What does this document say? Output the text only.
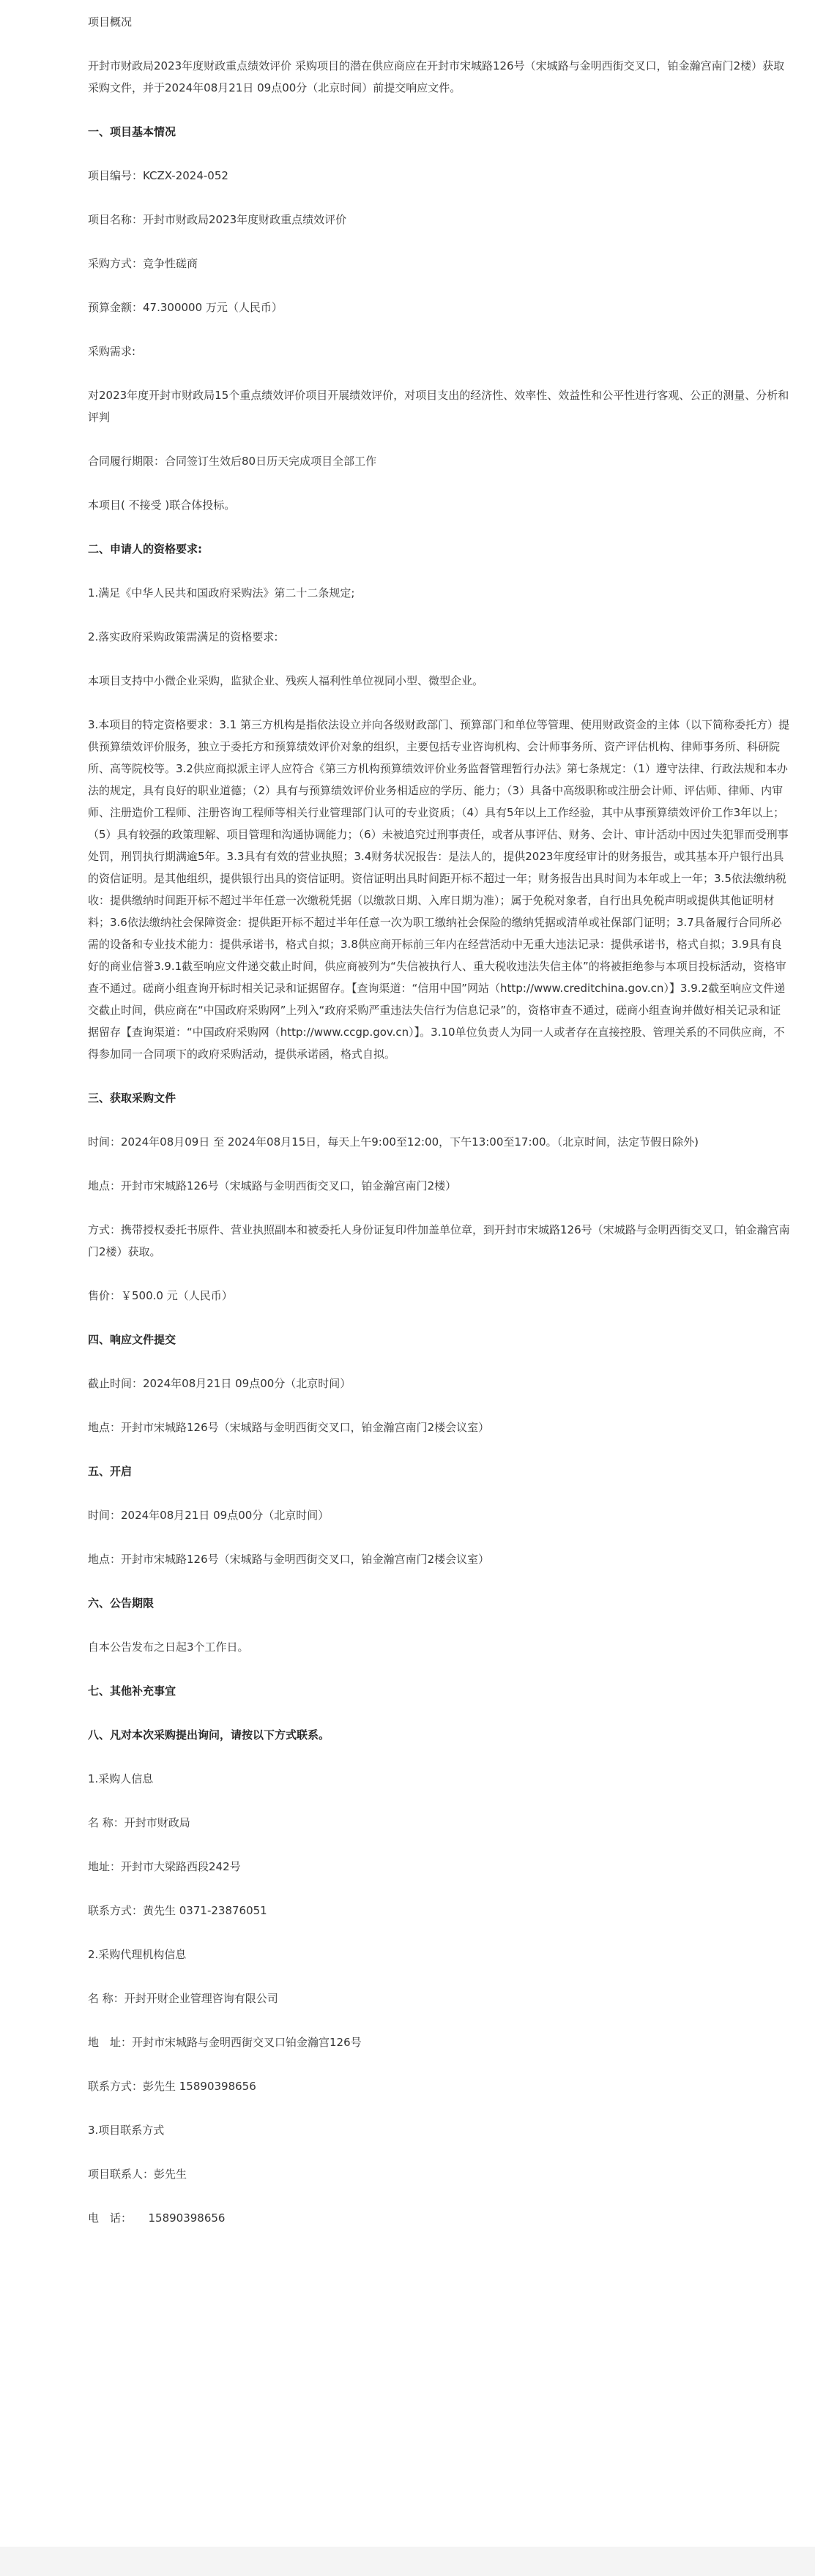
项目概况

开封市财政局2023年度财政重点绩效评价 采购项目的潜在供应商应在开封市宋城路126号（宋城路与金明西街交叉口，铂金瀚宫南门2楼）获取采购文件，并于2024年08月21日 09点00分（北京时间）前提交响应文件。

一、项目基本情况

项目编号：KCZX-2024-052

项目名称：开封市财政局2023年度财政重点绩效评价

采购方式：竞争性磋商

预算金额：47.300000 万元（人民币）

采购需求:

对2023年度开封市财政局15个重点绩效评价项目开展绩效评价，对项目支出的经济性、效率性、效益性和公平性进行客观、公正的测量、分析和评判

合同履行期限：合同签订生效后80日历天完成项目全部工作

本项目( 不接受 )联合体投标。

二、申请人的资格要求:

1.满足《中华人民共和国政府采购法》第二十二条规定;

2.落实政府采购政策需满足的资格要求:

本项目支持中小微企业采购，监狱企业、残疾人福利性单位视同小型、微型企业。

3.本项目的特定资格要求：3.1 第三方机构是指依法设立并向各级财政部门、预算部门和单位等管理、使用财政资金的主体（以下简称委托方）提供预算绩效评价服务，独立于委托方和预算绩效评价对象的组织，主要包括专业咨询机构、会计师事务所、资产评估机构、律师事务所、科研院所、高等院校等。3.2供应商拟派主评人应符合《第三方机构预算绩效评价业务监督管理暂行办法》第七条规定：（1）遵守法律、行政法规和本办法的规定，具有良好的职业道德；（2）具有与预算绩效评价业务相适应的学历、能力；（3）具备中高级职称或注册会计师、评估师、律师、内审师、注册造价工程师、注册咨询工程师等相关行业管理部门认可的专业资质；（4）具有5年以上工作经验，其中从事预算绩效评价工作3年以上；（5）具有较强的政策理解、项目管理和沟通协调能力；（6）未被追究过刑事责任，或者从事评估、财务、会计、审计活动中因过失犯罪而受刑事处罚，刑罚执行期满逾5年。3.3具有有效的营业执照；3.4财务状况报告：是法人的，提供2023年度经审计的财务报告，或其基本开户银行出具的资信证明。是其他组织，提供银行出具的资信证明。资信证明出具时间距开标不超过一年；财务报告出具时间为本年或上一年；3.5依法缴纳税收：提供缴纳时间距开标不超过半年任意一次缴税凭据（以缴款日期、入库日期为准）；属于免税对象者，自行出具免税声明或提供其他证明材料；3.6依法缴纳社会保障资金：提供距开标不超过半年任意一次为职工缴纳社会保险的缴纳凭据或清单或社保部门证明；3.7具备履行合同所必需的设备和专业技术能力：提供承诺书，格式自拟；3.8供应商开标前三年内在经营活动中无重大违法记录：提供承诺书，格式自拟；3.9具有良好的商业信誉3.9.1截至响应文件递交截止时间，供应商被列为“失信被执行人、重大税收违法失信主体”的将被拒绝参与本项目投标活动，资格审查不通过。磋商小组查询开标时相关记录和证据留存。【查询渠道：“信用中国”网站（http://www.creditchina.gov.cn）】3.9.2截至响应文件递交截止时间，供应商在“中国政府采购网”上列入“政府采购严重违法失信行为信息记录”的，资格审查不通过，磋商小组查询并做好相关记录和证据留存【查询渠道：“中国政府采购网（http://www.ccgp.gov.cn）】。3.10单位负责人为同一人或者存在直接控股、管理关系的不同供应商，不得参加同一合同项下的政府采购活动，提供承诺函，格式自拟。

三、获取采购文件

时间：2024年08月09日 至 2024年08月15日，每天上午9:00至12:00，下午13:00至17:00。（北京时间，法定节假日除外)

地点：开封市宋城路126号（宋城路与金明西街交叉口，铂金瀚宫南门2楼）

方式：携带授权委托书原件、营业执照副本和被委托人身份证复印件加盖单位章，到开封市宋城路126号（宋城路与金明西街交叉口，铂金瀚宫南门2楼）获取。

售价：￥500.0 元（人民币）

四、响应文件提交

截止时间：2024年08月21日 09点00分（北京时间）

地点：开封市宋城路126号（宋城路与金明西街交叉口，铂金瀚宫南门2楼会议室）

五、开启

时间：2024年08月21日 09点00分（北京时间）

地点：开封市宋城路126号（宋城路与金明西街交叉口，铂金瀚宫南门2楼会议室）

六、公告期限

自本公告发布之日起3个工作日。

七、其他补充事宜

八、凡对本次采购提出询问，请按以下方式联系。

1.采购人信息

名 称：开封市财政局

地址：开封市大梁路西段242号

联系方式：黄先生 0371-23876051

2.采购代理机构信息

名 称：开封开财企业管理咨询有限公司

地　址：开封市宋城路与金明西街交叉口铂金瀚宫126号

联系方式：彭先生 15890398656

3.项目联系方式

项目联系人：彭先生

电　话：　　15890398656
